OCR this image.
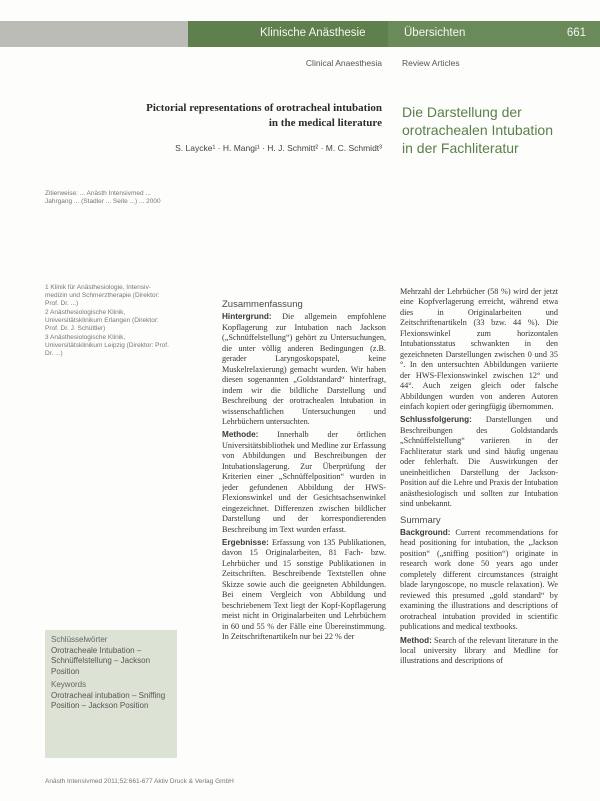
Klinische Anästhesie	Übersichten	661
Clinical Anaesthesia Review Articles
Pictorial representations of orotracheal intubation
in the medical literature
Die Darstellung der
orotrachealen Intubation
in der Fachliteratur
S. Laycke¹ · H. Mangi¹ · H. J. Schmitt² · M. C. Schmidt³
Zitierweise: ... Anästh Intensivmed ... Jahrgang ... (Stadler ... Seite ...) ... 2000
1 Klinik für Anästhesiologie, Intensiv-medizin und Schmerztherapie (Direktor: Prof. Dr. ...)
2 Anästhesiologische Klinik, Universitätsklinikum Erlangen (Direktor: Prof. Dr. J. Schüttler)
3 Anästhesiologische Klinik, Universitätsklinikum Leipzig (Direktor: Prof. Dr. ...)
Schlüsselwörter
Orotracheale Intubation – Schnüffelstellung – Jackson Position
Keywords
Orotracheal intubation – Sniffing Position – Jackson Position
Zusammenfassung

Hintergrund: Die allgemein empfohlene Kopflagerung zur Intubation nach Jackson („Schnüffelstellung“) gehört zu Untersuchungen, die unter völlig anderen Bedingungen (z.B. gerader Laryngoskopspatel, keine Muskelrelaxierung) gemacht wurden. Wir haben diesen sogenannten „Goldstandard“ hinterfragt, indem wir die bildliche Darstellung und Beschreibung der orotrachealen Intubation in wissenschaftlichen Untersuchungen und Lehrbüchern untersuchten.

Methode: Innerhalb der örtlichen Universitätsbibliothek und Medline zur Erfassung von Abbildungen und Beschreibungen der Intubationslagerung. Zur Überprüfung der Kriterien einer „Schnüffelposition“ wurden in jeder gefundenen Abbildung der HWS-Flexionswinkel und der Gesichtsachsenwinkel eingezeichnet. Differenzen zwischen bildlicher Darstellung und der korrespondierenden Beschreibung im Text wurden erfasst.

Ergebnisse: Erfassung von 135 Publikationen, davon 15 Originalarbeiten, 81 Fach- bzw. Lehrbücher und 15 sonstige Publikationen in Zeitschriften. Beschreibende Textstellen ohne Skizze sowie auch die geeigneten Abbildungen. Bei einem Vergleich von Abbildung und beschriebenem Text liegt der Kopf-Kopflagerung meist nicht in Originalarbeiten und Lehrbüchern in 60 und 55 % der Fälle eine Übereinstimmung. In Zeitschriftenartikeln nur bei 22 % der

Mehrzahl der Lehrbücher (58 %) wird der jetzt eine Kopfverlagerung erreicht, während etwa dies in Originalarbeiten und Zeitschriftenartikeln (33 bzw. 44 %). Die Flexionswinkel zum horizontalen Intubationsstatus schwankten in den gezeichneten Darstellungen zwischen 0 und 35 °. In den untersuchten Abbildungen variierte der HWS-Flexionswinkel zwischen 12° und 44°. Auch zeigen gleich oder falsche Abbildungen wurden von anderen Autoren einfach kopiert oder geringfügig übernommen.

Schlussfolgerung: Darstellungen und Beschreibungen des Goldstandards „Schnüffelstellung“ variieren in der Fachliteratur stark und sind häufig ungenau oder fehlerhaft. Die Auswirkungen der uneinheitlichen Darstellung der Jackson-Position auf die Lehre und Praxis der Intubation anästhesiologisch und sollten zur Intubation sind unbekannt.

Summary

Background: Current recommendations for head positioning for intubation, the „Jackson position“ („sniffing position“) originate in research work done 50 years ago under completely different circumstances (straight blade laryngoscope, no muscle relaxation). We reviewed this presumed „gold standard“ by examining the illustrations and descriptions of orotracheal intubation provided in scientific publications and medical textbooks.

Method: Search of the relevant literature in the local university library and Medline for illustrations and descriptions of

Anästh Intensivmed 2011;52:661-677 Aktiv Druck & Verlag GmbH
